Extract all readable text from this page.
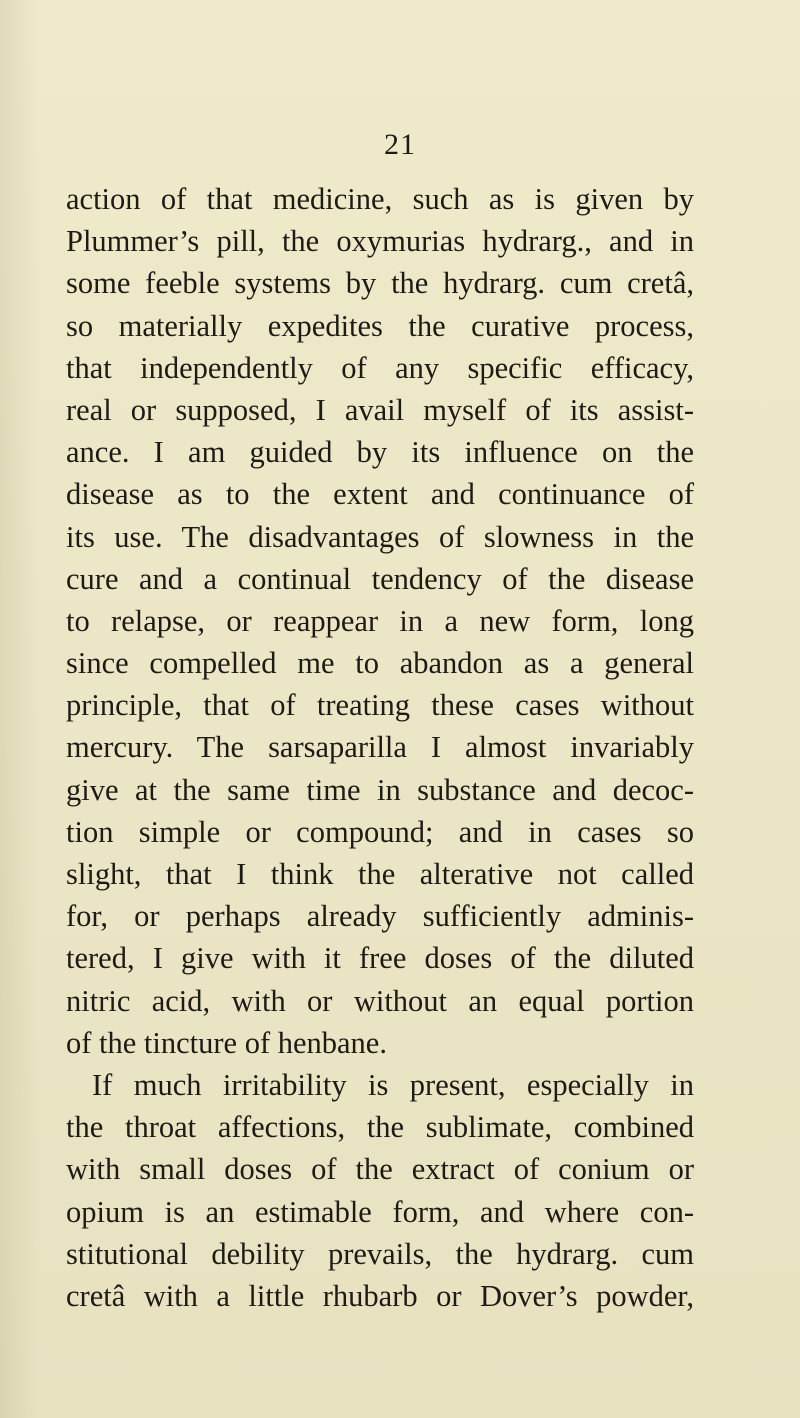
21
action of that medicine, such as is given by
Plummer’s pill, the oxymurias hydrarg., and in
some feeble systems by the hydrarg. cum cretâ,
so materially expedites the curative process,
that independently of any specific efficacy,
real or supposed, I avail myself of its assist-
ance. I am guided by its influence on the
disease as to the extent and continuance of
its use. The disadvantages of slowness in the
cure and a continual tendency of the disease
to relapse, or reappear in a new form, long
since compelled me to abandon as a general
principle, that of treating these cases without
mercury. The sarsaparilla I almost invariably
give at the same time in substance and decoc-
tion simple or compound; and in cases so
slight, that I think the alterative not called
for, or perhaps already sufficiently adminis-
tered, I give with it free doses of the diluted
nitric acid, with or without an equal portion
of the tincture of henbane.
If much irritability is present, especially in
the throat affections, the sublimate, combined
with small doses of the extract of conium or
opium is an estimable form, and where con-
stitutional debility prevails, the hydrarg. cum
cretâ with a little rhubarb or Dover’s powder,
